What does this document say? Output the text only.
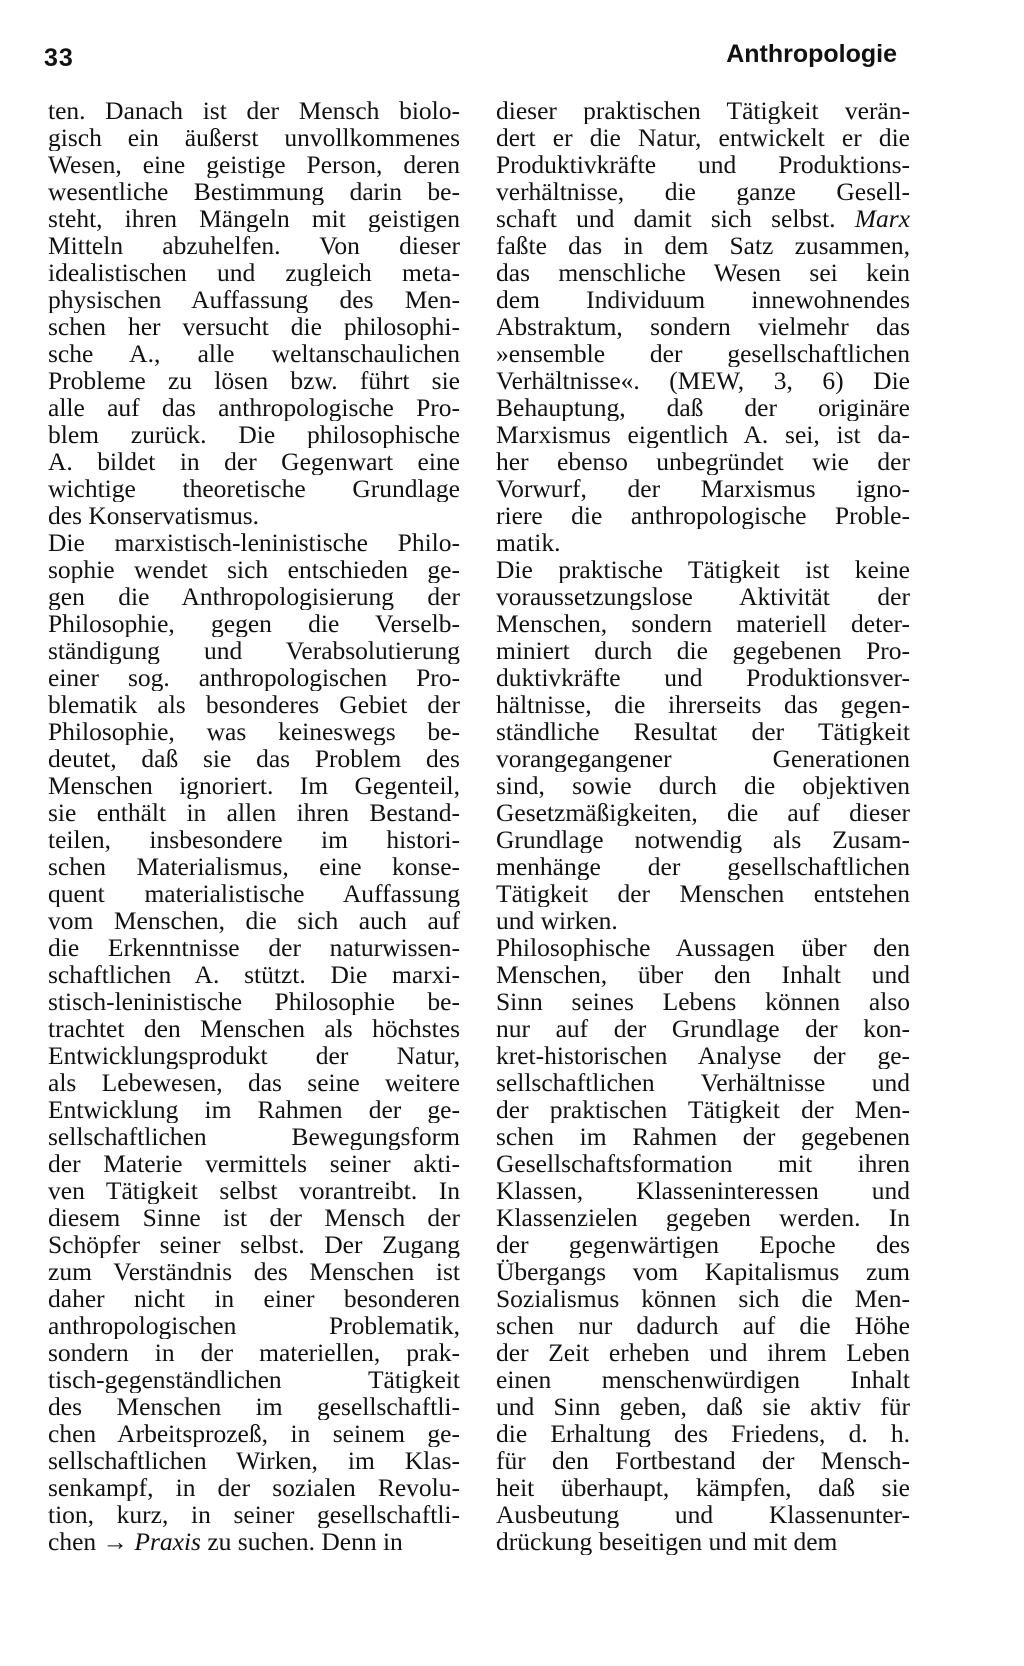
33	Anthropologie
ten. Danach ist der Mensch biolo-
gisch ein äußerst unvollkommenes
Wesen, eine geistige Person, deren
wesentliche Bestimmung darin be-
steht, ihren Mängeln mit geistigen
Mitteln abzuhelfen. Von dieser
idealistischen und zugleich meta-
physischen Auffassung des Men-
schen her versucht die philosophi-
sche A., alle weltanschaulichen
Probleme zu lösen bzw. führt sie
alle auf das anthropologische Pro-
blem zurück. Die philosophische
A. bildet in der Gegenwart eine
wichtige theoretische Grundlage
des Konservatismus.
Die marxistisch-leninistische Philo-
sophie wendet sich entschieden ge-
gen die Anthropologisierung der
Philosophie, gegen die Verselb-
ständigung und Verabsolutierung
einer sog. anthropologischen Pro-
blematik als besonderes Gebiet der
Philosophie, was keineswegs be-
deutet, daß sie das Problem des
Menschen ignoriert. Im Gegenteil,
sie enthält in allen ihren Bestand-
teilen, insbesondere im histori-
schen Materialismus, eine konse-
quent materialistische Auffassung
vom Menschen, die sich auch auf
die Erkenntnisse der naturwissen-
schaftlichen A. stützt. Die marxi-
stisch-leninistische Philosophie be-
trachtet den Menschen als höchstes
Entwicklungsprodukt der Natur,
als Lebewesen, das seine weitere
Entwicklung im Rahmen der ge-
sellschaftlichen Bewegungsform
der Materie vermittels seiner akti-
ven Tätigkeit selbst vorantreibt. In
diesem Sinne ist der Mensch der
Schöpfer seiner selbst. Der Zugang
zum Verständnis des Menschen ist
daher nicht in einer besonderen
anthropologischen Problematik,
sondern in der materiellen, prak-
tisch-gegenständlichen Tätigkeit
des Menschen im gesellschaftli-
chen Arbeitsprozeß, in seinem ge-
sellschaftlichen Wirken, im Klas-
senkampf, in der sozialen Revolu-
tion, kurz, in seiner gesellschaftli-
chen → Praxis zu suchen. Denn in
dieser praktischen Tätigkeit verän-
dert er die Natur, entwickelt er die
Produktivkräfte und Produktions-
verhältnisse, die ganze Gesell-
schaft und damit sich selbst. Marx
faßte das in dem Satz zusammen,
das menschliche Wesen sei kein
dem Individuum innewohnendes
Abstraktum, sondern vielmehr das
»ensemble der gesellschaftlichen
Verhältnisse«. (MEW, 3, 6) Die
Behauptung, daß der originäre
Marxismus eigentlich A. sei, ist da-
her ebenso unbegründet wie der
Vorwurf, der Marxismus igno-
riere die anthropologische Proble-
matik.
Die praktische Tätigkeit ist keine
voraussetzungslose Aktivität der
Menschen, sondern materiell deter-
miniert durch die gegebenen Pro-
duktivkräfte und Produktionsver-
hältnisse, die ihrerseits das gegen-
ständliche Resultat der Tätigkeit
vorangegangener Generationen
sind, sowie durch die objektiven
Gesetzmäßigkeiten, die auf dieser
Grundlage notwendig als Zusam-
menhänge der gesellschaftlichen
Tätigkeit der Menschen entstehen
und wirken.
Philosophische Aussagen über den
Menschen, über den Inhalt und
Sinn seines Lebens können also
nur auf der Grundlage der kon-
kret-historischen Analyse der ge-
sellschaftlichen Verhältnisse und
der praktischen Tätigkeit der Men-
schen im Rahmen der gegebenen
Gesellschaftsformation mit ihren
Klassen, Klasseninteressen und
Klassenzielen gegeben werden. In
der gegenwärtigen Epoche des
Übergangs vom Kapitalismus zum
Sozialismus können sich die Men-
schen nur dadurch auf die Höhe
der Zeit erheben und ihrem Leben
einen menschenwürdigen Inhalt
und Sinn geben, daß sie aktiv für
die Erhaltung des Friedens, d. h.
für den Fortbestand der Mensch-
heit überhaupt, kämpfen, daß sie
Ausbeutung und Klassenunter-
drückung beseitigen und mit dem
